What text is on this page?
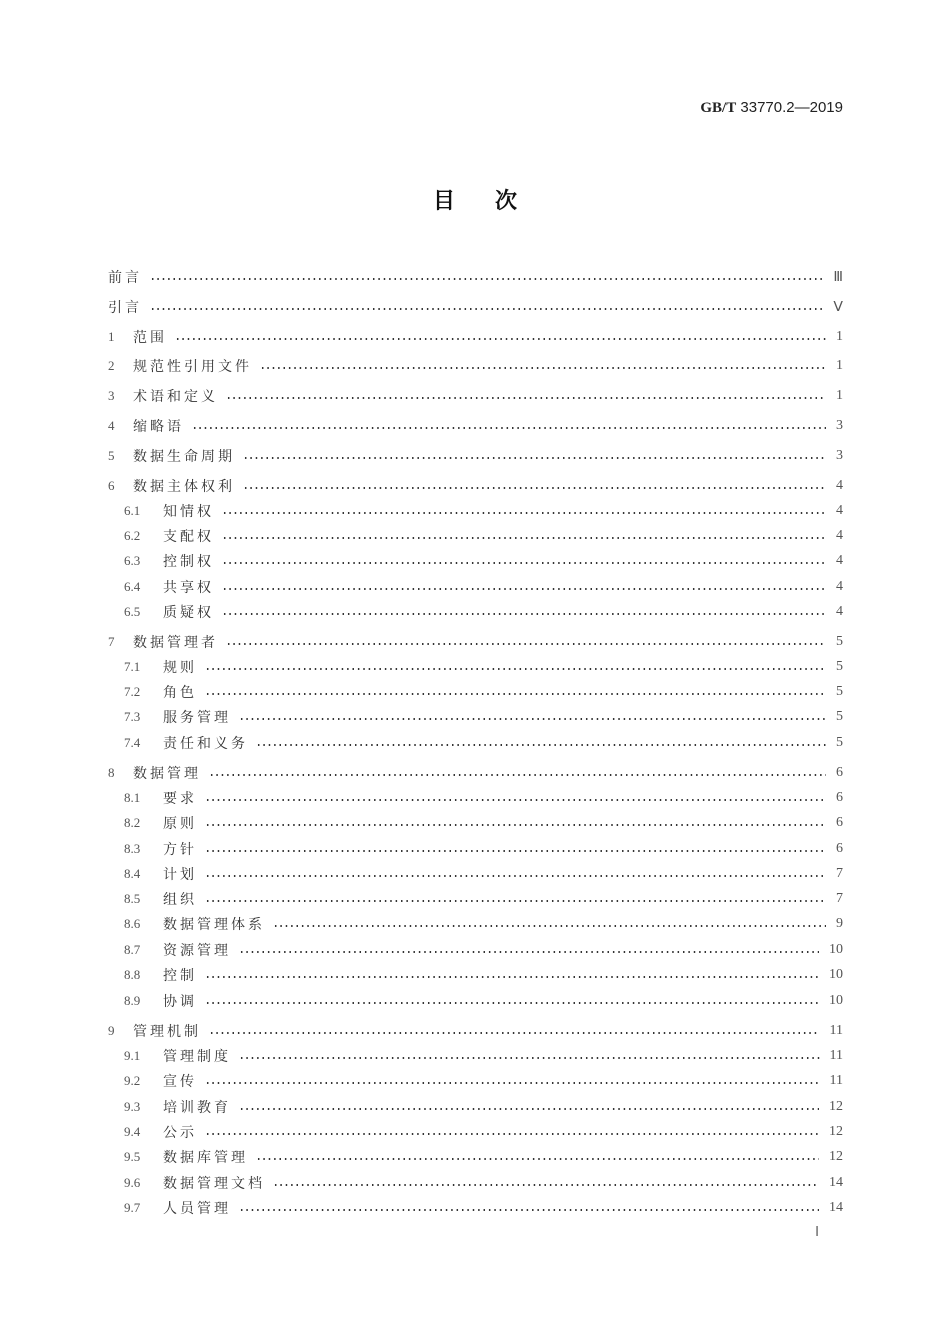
GB/T 33770.2—2019
目次
前言	Ⅲ
引言	Ⅴ
1 范围	1
2 规范性引用文件	1
3 术语和定义	1
4 缩略语	3
5 数据生命周期	3
6 数据主体权利	4
6.1 知情权	4
6.2 支配权	4
6.3 控制权	4
6.4 共享权	4
6.5 质疑权	4
7 数据管理者	5
7.1 规则	5
7.2 角色	5
7.3 服务管理	5
7.4 责任和义务	5
8 数据管理	6
8.1 要求	6
8.2 原则	6
8.3 方针	6
8.4 计划	7
8.5 组织	7
8.6 数据管理体系	9
8.7 资源管理	10
8.8 控制	10
8.9 协调	10
9 管理机制	11
9.1 管理制度	11
9.2 宣传	11
9.3 培训教育	12
9.4 公示	12
9.5 数据库管理	12
9.6 数据管理文档	14
9.7 人员管理	14
Ⅰ
